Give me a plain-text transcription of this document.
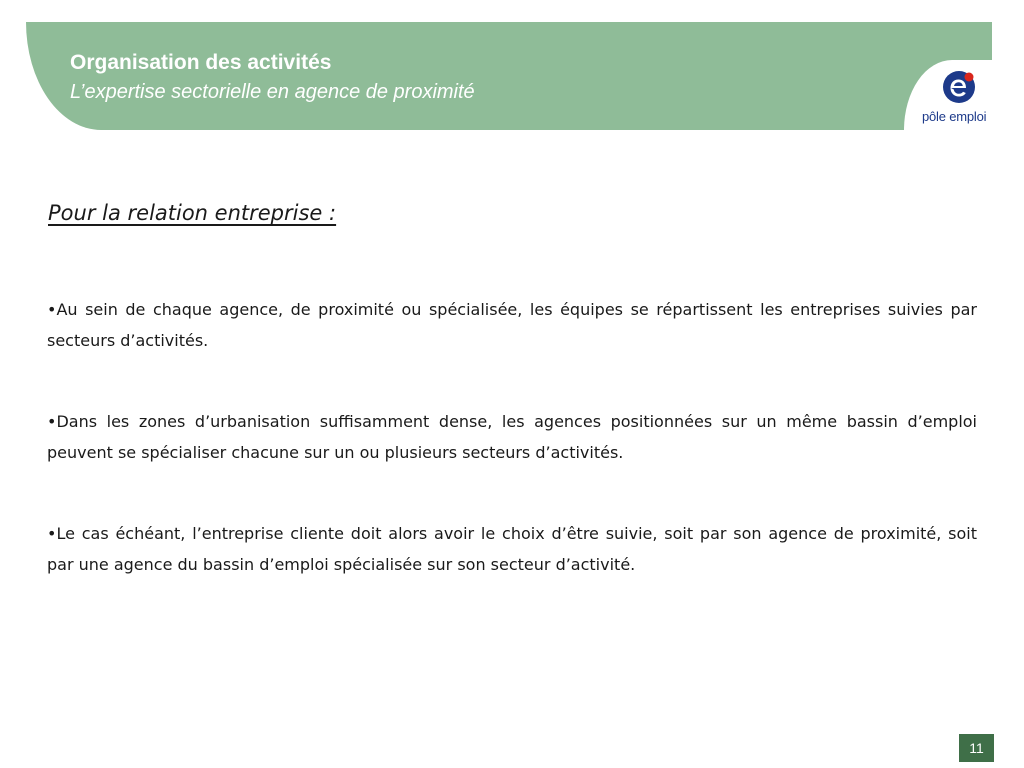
Organisation des activités
L’expertise sectorielle en agence de proximité
pôle emploi
Pour la relation entreprise :

•Au sein de chaque agence, de proximité ou spécialisée, les équipes se répartissent les entreprises suivies par secteurs d’activités.

•Dans les zones d’urbanisation suffisamment dense, les agences positionnées sur un même bassin d’emploi peuvent se spécialiser chacune sur un ou plusieurs secteurs d’activités.

•Le cas échéant, l’entreprise cliente doit alors avoir le choix d’être suivie, soit par son agence de proximité, soit par une agence du bassin d’emploi spécialisée sur son secteur d’activité.

11
